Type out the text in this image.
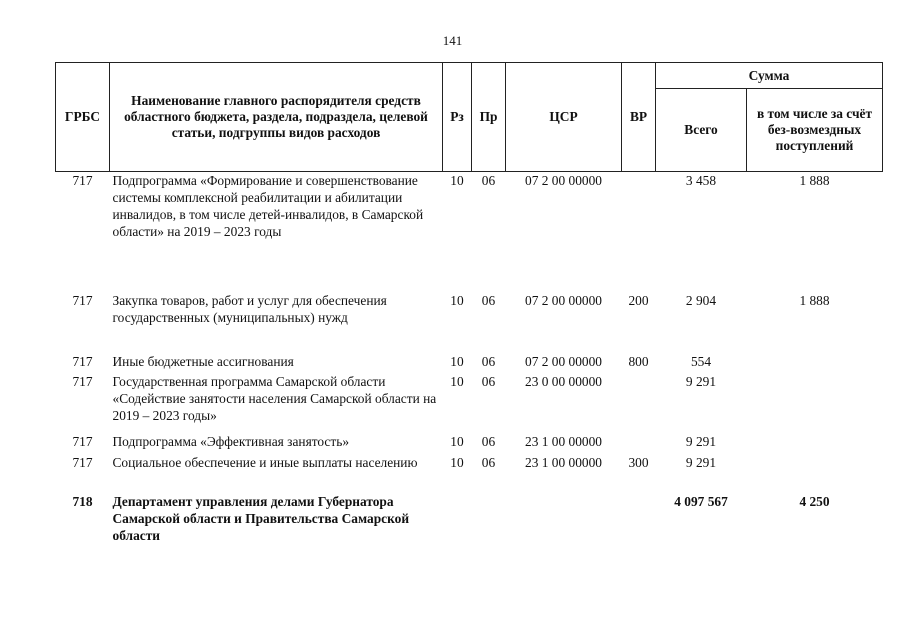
141
ГРБС	Наименование главного распорядителя средств областного бюджета, раздела, подраздела, целевой статьи, подгруппы видов расходов	Рз	Пр	ЦСР	ВР	Сумма	
						Всего	в том числе за счёт без-возмездных поступлений
717	Подпрограмма «Формирование и совершенствование системы комплексной реабилитации и абилитации инвалидов, в том числе детей-инвалидов, в Самарской области» на 2019 – 2023 годы	10	06	07 2 00 00000		3 458	1 888
717	Закупка товаров, работ и услуг для обеспечения государственных (муниципальных) нужд	10	06	07 2 00 00000	200	2 904	1 888
717	Иные бюджетные ассигнования	10	06	07 2 00 00000	800	554	
717	Государственная программа Самарской области «Содействие занятости населения Самарской области на 2019 – 2023 годы»	10	06	23 0 00 00000		9 291	
717	Подпрограмма «Эффективная занятость»	10	06	23 1 00 00000		9 291	
717	Социальное обеспечение и иные выплаты населению	10	06	23 1 00 00000	300	9 291	
718	Департамент управления делами Губернатора Самарской области и Правительства Самарской области					4 097 567	4 250
